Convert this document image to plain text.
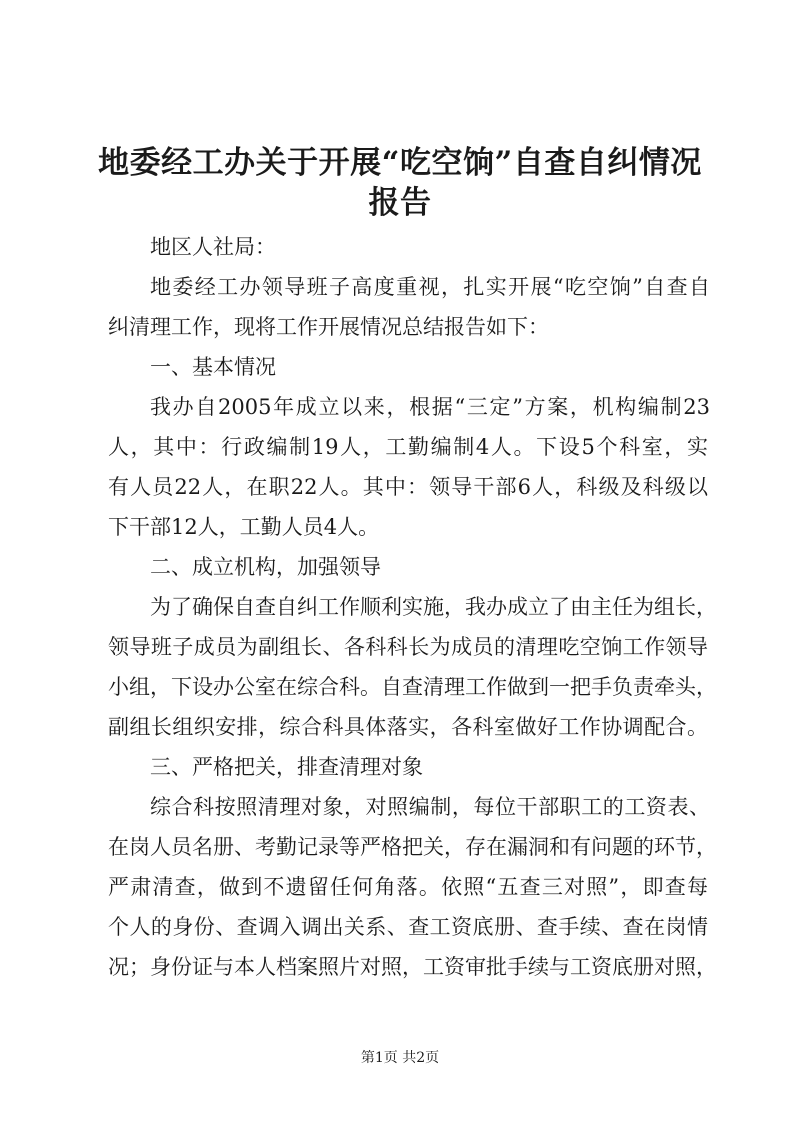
地委经工办关于开展“吃空饷”自查自纠情况
报告

地区人社局：

地委经工办领导班子高度重视，扎实开展“吃空饷”自查自

纠清理工作，现将工作开展情况总结报告如下：

一、基本情况

我办自2005年成立以来，根据“三定”方案，机构编制23

人，其中：行政编制19人，工勤编制4人。下设5个科室，实

有人员22人，在职22人。其中：领导干部6人，科级及科级以

下干部12人，工勤人员4人。

二、成立机构，加强领导

为了确保自查自纠工作顺利实施，我办成立了由主任为组长，

领导班子成员为副组长、各科科长为成员的清理吃空饷工作领导

小组，下设办公室在综合科。自查清理工作做到一把手负责牵头，

副组长组织安排，综合科具体落实，各科室做好工作协调配合。

三、严格把关，排查清理对象

综合科按照清理对象，对照编制，每位干部职工的工资表、

在岗人员名册、考勤记录等严格把关，存在漏洞和有问题的环节，

严肃清查，做到不遗留任何角落。依照“五查三对照”，即查每

个人的身份、查调入调出关系、查工资底册、查手续、查在岗情

况；身份证与本人档案照片对照，工资审批手续与工资底册对照，

第1页 共2页
